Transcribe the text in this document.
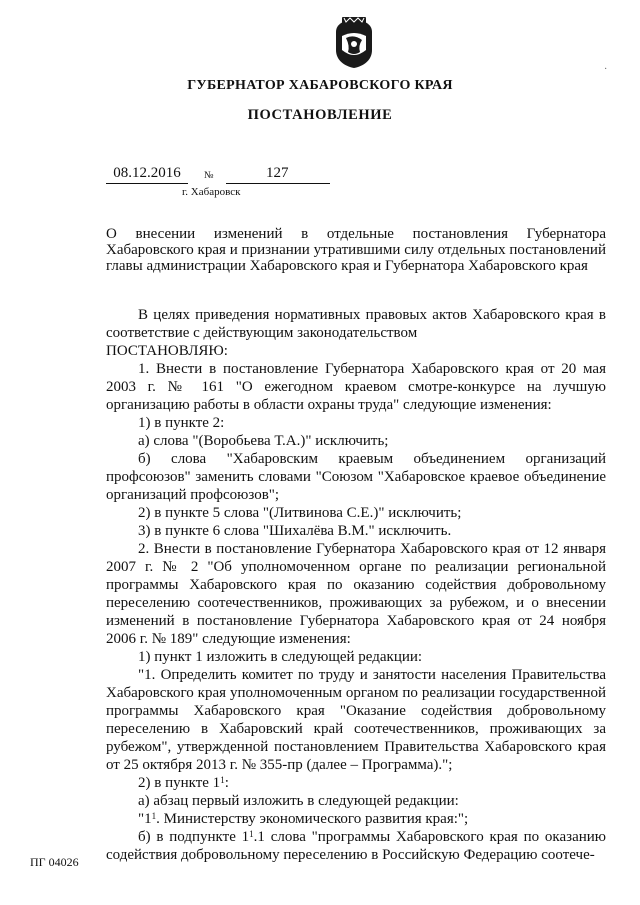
·
ГУБЕРНАТОР ХАБАРОВСКОГО КРАЯ
ПОСТАНОВЛЕНИЕ
08.12.2016	№	127
г. Хабаровск

О внесении изменений в отдельные постановления Губернатора Хабаровского края и признании утратившими силу отдельных постановлений главы администрации Хабаровского края и Губернатора Хабаровского края

В целях приведения нормативных правовых актов Хабаровского края в соответствие с действующим законодательством

ПОСТАНОВЛЯЮ:

1. Внести в постановление Губернатора Хабаровского края от 20 мая 2003 г. № 161 "О ежегодном краевом смотре-конкурсе на лучшую организацию работы в области охраны труда" следующие изменения:

1) в пункте 2:

а) слова "(Воробьева Т.А.)" исключить;

б) слова "Хабаровским краевым объединением организаций профсоюзов" заменить словами "Союзом "Хабаровское краевое объединение организаций профсоюзов";

2) в пункте 5 слова "(Литвинова С.Е.)" исключить;

3) в пункте 6 слова "Шихалёва В.М." исключить.

2. Внести в постановление Губернатора Хабаровского края от 12 января 2007 г. № 2 "Об уполномоченном органе по реализации региональной программы Хабаровского края по оказанию содействия добровольному переселению соотечественников, проживающих за рубежом, и о внесении изменений в постановление Губернатора Хабаровского края от 24 ноября 2006 г. № 189" следующие изменения:

1) пункт 1 изложить в следующей редакции:

"1. Определить комитет по труду и занятости населения Правительства Хабаровского края уполномоченным органом по реализации государственной программы Хабаровского края "Оказание содействия добровольному переселению в Хабаровский край соотечественников, проживающих за рубежом", утвержденной постановлением Правительства Хабаровского края от 25 октября 2013 г. № 355-пр (далее – Программа).";

2) в пункте $1^1$:

а) абзац первый изложить в следующей редакции:

"$1^1$. Министерству экономического развития края:";

б) в подпункте $1^1.1$ слова "программы Хабаровского края по оказанию содействия добровольному переселению в Российскую Федерацию соотече-

ПГ 04026
